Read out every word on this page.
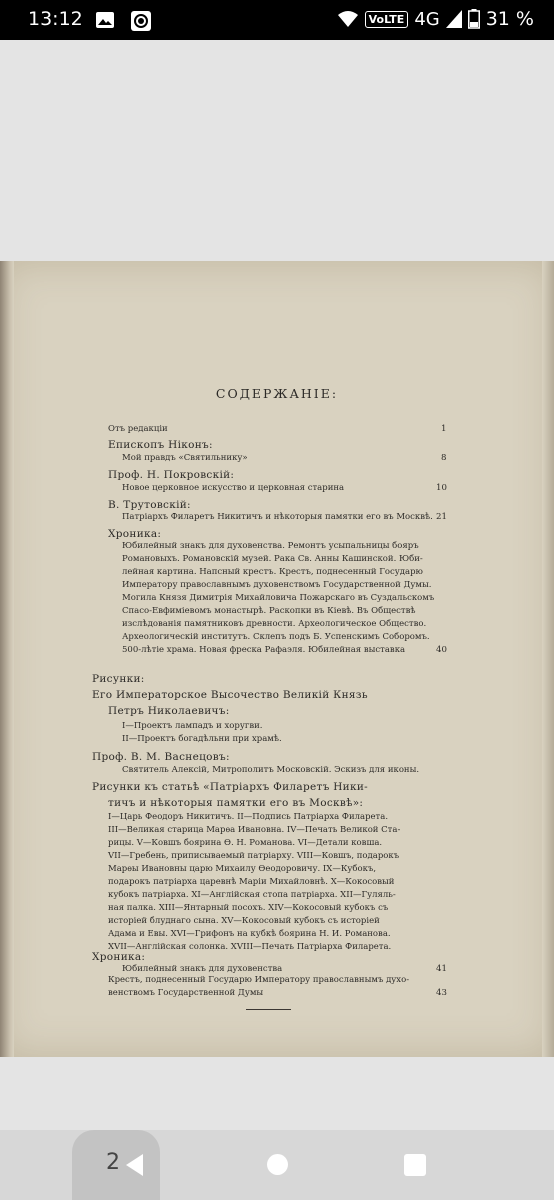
13:12	VoLTE 4G 31 %
СОДЕРЖАНІЕ:
Отъ редакціи	1
Епископъ Ніконъ:
Мой правдъ «Святильнику»	8
Проф. Н. Покровскій:
Новое церковное искусство и церковная старина	10
В. Трутовскій:
Патріархъ Филаретъ Никитичъ и нѣкоторыя памятки его въ Москвѣ. 21
Хроника:
Юбилейный знакъ для духовенства. Ремонтъ усыпальницы бояръ
Романовыхъ. Романовскій музей. Рака Св. Анны Кашинской. Юби-
лейная картина. Напсный крестъ. Крестъ, поднесенный Государю
Императору православнымъ духовенствомъ Государственной Думы.
Могила Князя Димитрія Михайловича Пожарскаго въ Суздальскомъ
Спасо-Евфиміевомъ монастырѣ. Раскопки въ Кіевѣ. Въ Обществѣ
изслѣдованія памятниковъ древности. Археологическое Общество.
Археологическій институтъ. Склепъ подъ Б. Успенскимъ Соборомъ.
500-лѣтіе храма. Новая фреска Рафаэля. Юбилейная выставка	40
Рисунки:
Его Императорское Высочество Великій Князь
Петръ Николаевичъ:
I—Проектъ лампадъ и хоругви.
II—Проектъ богадѣльни при храмѣ.
Проф. В. М. Васнецовъ:
Святитель Алексій, Митрополитъ Московскій. Эскизъ для иконы.
Рисунки къ статьѣ «Патріархъ Филаретъ Ники-
тичъ и нѣкоторыя памятки его въ Москвѣ»:
I—Царь Феодоръ Никитичъ. II—Подпись Патріарха Филарета.
III—Великая старица Марѳа Ивановна. IV—Печать Великой Ста-
рицы. V—Ковшъ боярина Ѳ. Н. Романова. VI—Детали ковша.
VII—Гребень, приписываемый патріарху. VIII—Ковшъ, подарокъ
Марѳы Ивановны царю Михаилу Ѳеодоровичу. IX—Кубокъ,
подарокъ патріарха царевнѣ Маріи Михайловнѣ. X—Кокосовый
кубокъ патріарха. XI—Англійская стопа патріарха. XII—Гуляль-
ная палка. XIII—Янтарный посохъ. XIV—Кокосовый кубокъ съ
исторіей блуднаго сына. XV—Кокосовый кубокъ съ исторіей
Адама и Евы. XVI—Грифонъ на кубкѣ боярина Н. И. Романова.
XVII—Англійская солонка. XVIII—Печать Патріарха Филарета.
Хроника:
Юбилейный знакъ для духовенства	41
Крестъ, поднесенный Государю Императору православнымъ духо-
венствомъ Государственной Думы	43
2
